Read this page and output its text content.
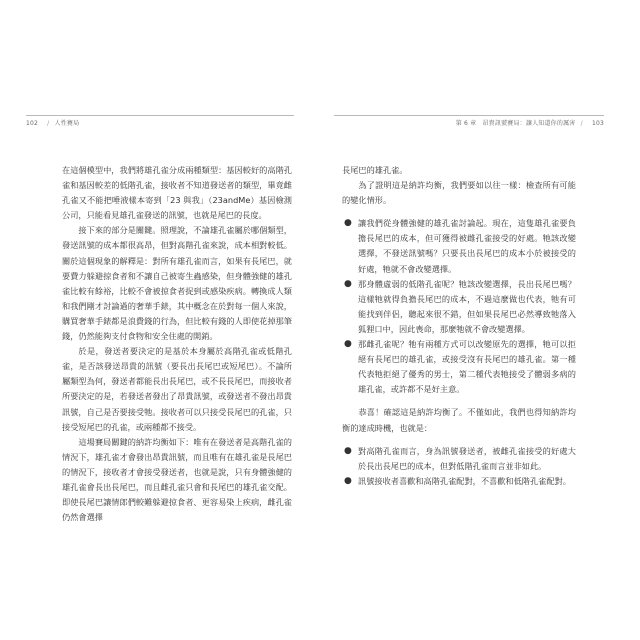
102 / 人性賽局	第 6 章 昂貴訊號賽局：讓人知道你的厲害 / 103

在這個模型中，我們將雄孔雀分成兩種類型：基因較好的高階孔雀和基因較差的低階孔雀，接收者不知道發送者的類型，畢竟雌孔雀又不能把唾液樣本寄到「23 與我」（23andMe）基因檢測公司，只能看見雄孔雀發送的訊號，也就是尾巴的長度。

接下來的部分是關鍵。照理說，不論雄孔雀屬於哪個類型，發送訊號的成本都很高昂，但對高階孔雀來說，成本相對較低。關於這個現象的解釋是：對所有雄孔雀而言，如果有長尾巴，就要費力躲避掠食者和不讓自己被寄生蟲感染，但身體強健的雄孔雀比較有餘裕，比較不會被掠食者捉到或感染疾病。轉換成人類和我們剛才討論過的奢華手錶，其中概念在於對每一個人來說，購買奢華手錶都是浪費錢的行為，但比較有錢的人即使花掉那筆錢，仍然能夠支付食物和安全住處的開銷。

於是，發送者要決定的是基於本身屬於高階孔雀或低階孔雀，是否該發送昂貴的訊號（要長出長尾巴或短尾巴）。不論所屬類型為何，發送者都能長出長尾巴，或不長長尾巴，而接收者所要決定的是，若發送者發出了昂貴訊號，或發送者不發出昂貴訊號，自己是否要接受牠。接收者可以只接受長尾巴的孔雀，只接受短尾巴的孔雀，或兩種都不接受。

這場賽局關鍵的納許均衡如下：唯有在發送者是高階孔雀的情況下，雄孔雀才會發出昂貴訊號，而且唯有在雄孔雀是長尾巴的情況下，接收者才會接受發送者，也就是說，只有身體強健的雄孔雀會長出長尾巴，而且雌孔雀只會和長尾巴的雄孔雀交配。即使長尾巴讓情郎們較難躲避掠食者、更容易染上疾病，雌孔雀仍然會選擇

長尾巴的雄孔雀。

為了證明這是納許均衡，我們要如以往一樣：檢查所有可能的變化情形。

● 讓我們從身體強健的雄孔雀討論起。現在，這隻雄孔雀要負擔長尾巴的成本，但可獲得被雌孔雀接受的好處。牠該改變選擇，不發送訊號嗎？只要長出長尾巴的成本小於被接受的好處，牠就不會改變選擇。
● 那身體虛弱的低階孔雀呢？牠該改變選擇，長出長尾巴嗎？這樣牠就得負擔長尾巴的成本，不過這麼做也代表，牠有可能找到伴侶，聽起來很不錯，但如果長尾巴必然導致牠落入狐狸口中，因此喪命，那麼牠就不會改變選擇。
● 那雌孔雀呢？牠有兩種方式可以改變原先的選擇，牠可以拒絕有長尾巴的雄孔雀，或接受沒有長尾巴的雄孔雀。第一種代表牠拒絕了優秀的男士，第二種代表牠接受了體弱多病的雄孔雀，或許都不是好主意。

恭喜！確認這是納許均衡了。不僅如此，我們也得知納許均衡的達成時機，也就是：

● 對高階孔雀而言，身為訊號發送者，被雌孔雀接受的好處大於長出長尾巴的成本，但對低階孔雀而言並非如此。
● 訊號接收者喜歡和高階孔雀配對，不喜歡和低階孔雀配對。
